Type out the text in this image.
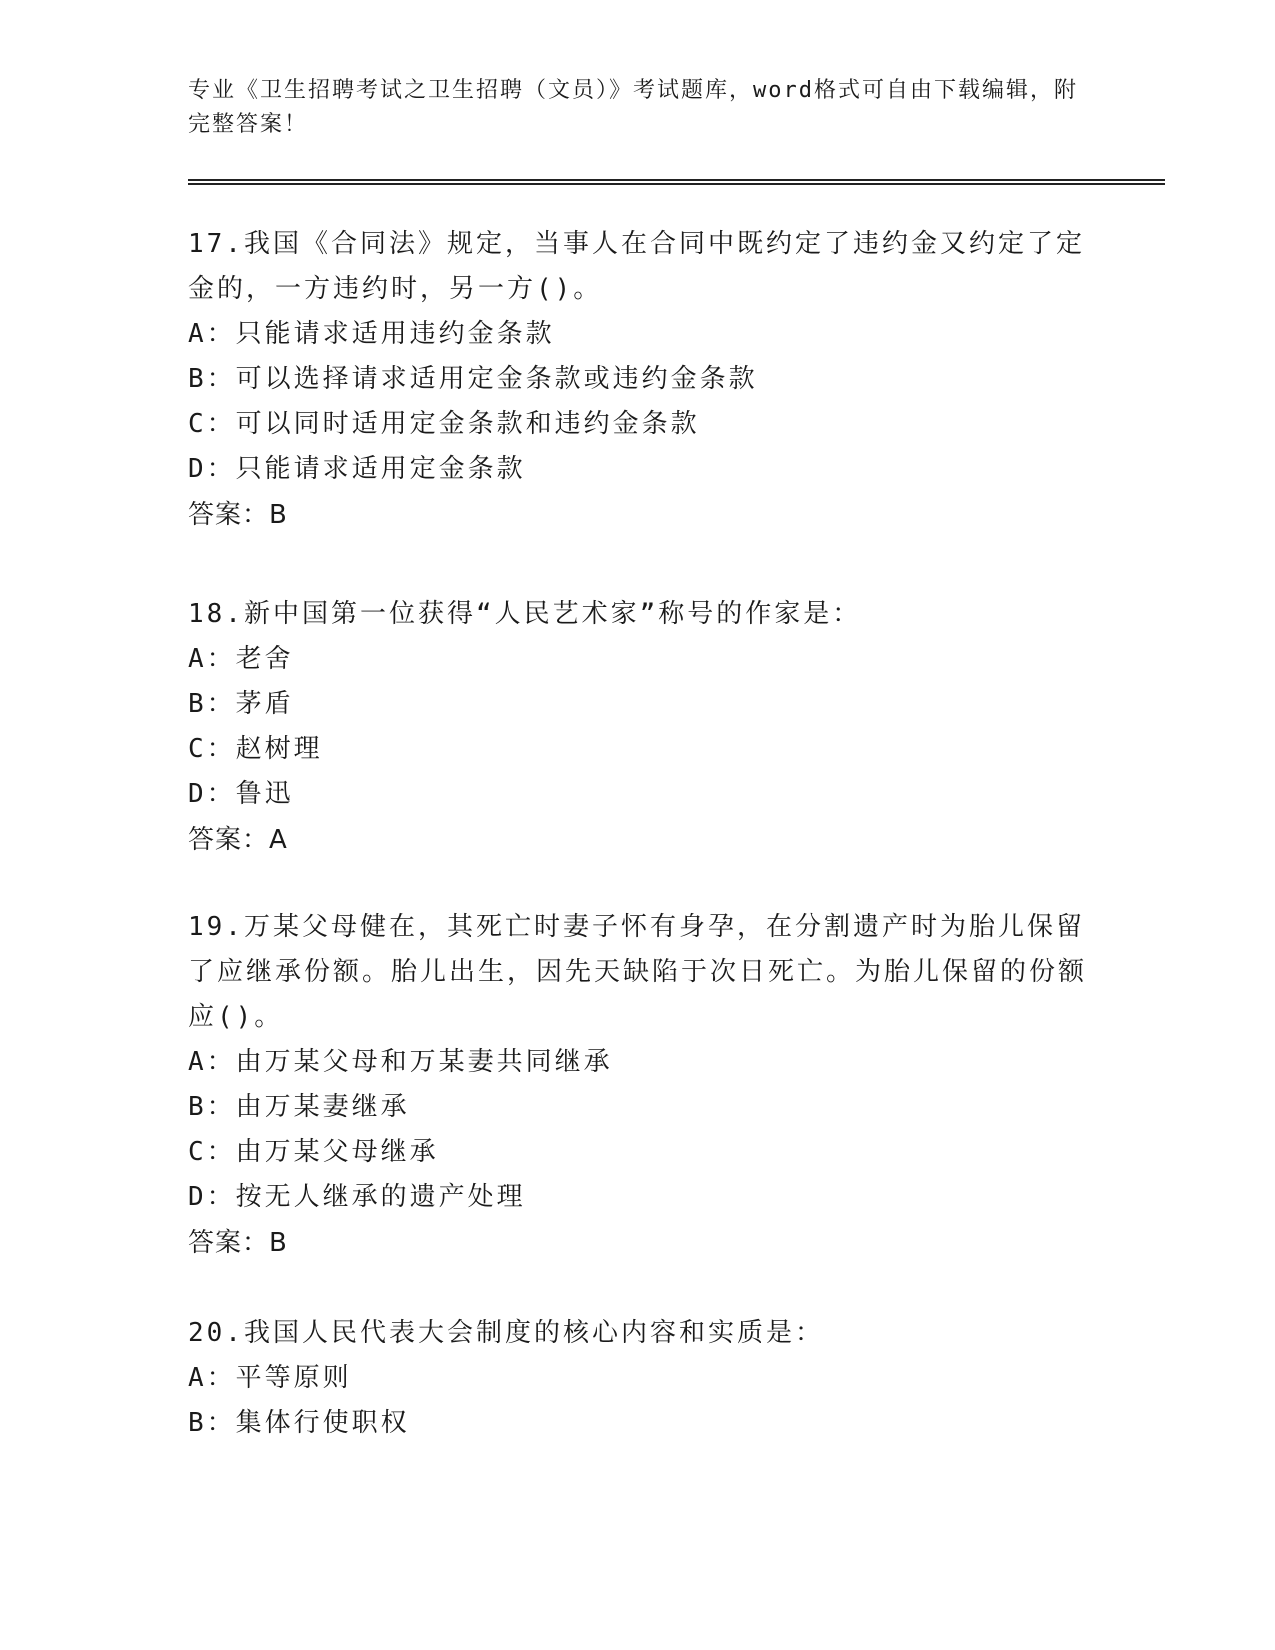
专业《卫生招聘考试之卫生招聘（文员）》考试题库，word格式可自由下载编辑，附完整答案！
17.我国《合同法》规定，当事人在合同中既约定了违约金又约定了定金的，一方违约时，另一方()。
A：只能请求适用违约金条款
B：可以选择请求适用定金条款或违约金条款
C：可以同时适用定金条款和违约金条款
D：只能请求适用定金条款
答案：B
18.新中国第一位获得“人民艺术家”称号的作家是：
A：老舍
B：茅盾
C：赵树理
D：鲁迅
答案：A
19.万某父母健在，其死亡时妻子怀有身孕，在分割遗产时为胎儿保留了应继承份额。胎儿出生，因先天缺陷于次日死亡。为胎儿保留的份额应()。
A：由万某父母和万某妻共同继承
B：由万某妻继承
C：由万某父母继承
D：按无人继承的遗产处理
答案：B
20.我国人民代表大会制度的核心内容和实质是：
A：平等原则
B：集体行使职权
